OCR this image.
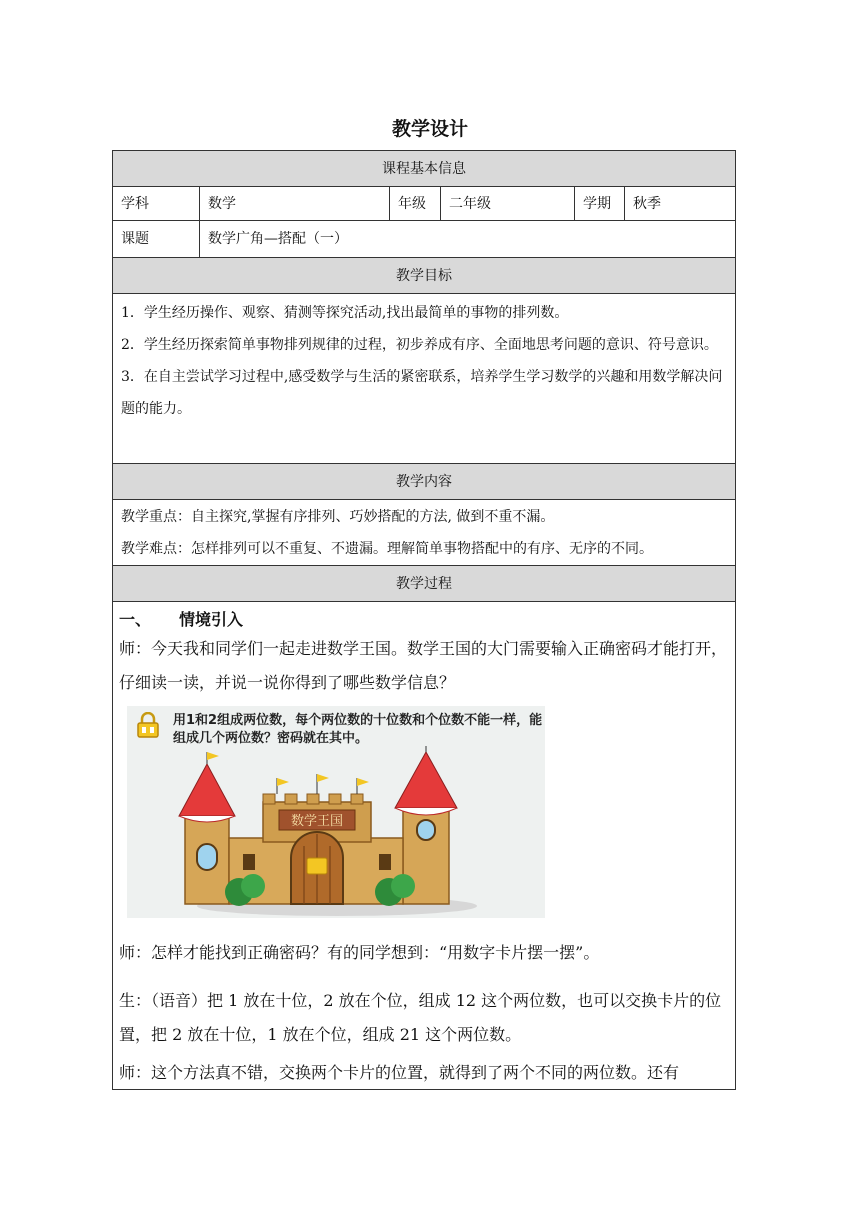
教学设计
课程基本信息
学科	数学	年级	二年级	学期	秋季
课题	数学广角—搭配（一）
教学目标

1．学生经历操作、观察、猜测等探究活动,找出最简单的事物的排列数。

2．学生经历探索简单事物排列规律的过程，初步养成有序、全面地思考问题的意识、符号意识。

3．在自主尝试学习过程中,感受数学与生活的紧密联系，培养学生学习数学的兴趣和用数学解决问题的能力。

教学内容

教学重点：自主探究,掌握有序排列、巧妙搭配的方法, 做到不重不漏。

教学难点：怎样排列可以不重复、不遗漏。理解简单事物搭配中的有序、无序的不同。

教学过程
一、 情境引入

师：今天我和同学们一起走进数学王国。数学王国的大门需要输入正确密码才能打开，仔细读一读，并说一说你得到了哪些数学信息？

用1和2组成两位数，每个两位数的十位数和个位数不能一样，能组成几个两位数？密码就在其中。
数学王国

师：怎样才能找到正确密码？有的同学想到：“用数字卡片摆一摆”。

生：（语音）把 1 放在十位，2 放在个位，组成 12 这个两位数，也可以交换卡片的位置，把 2 放在十位，1 放在个位，组成 21 这个两位数。

师：这个方法真不错，交换两个卡片的位置，就得到了两个不同的两位数。还有
